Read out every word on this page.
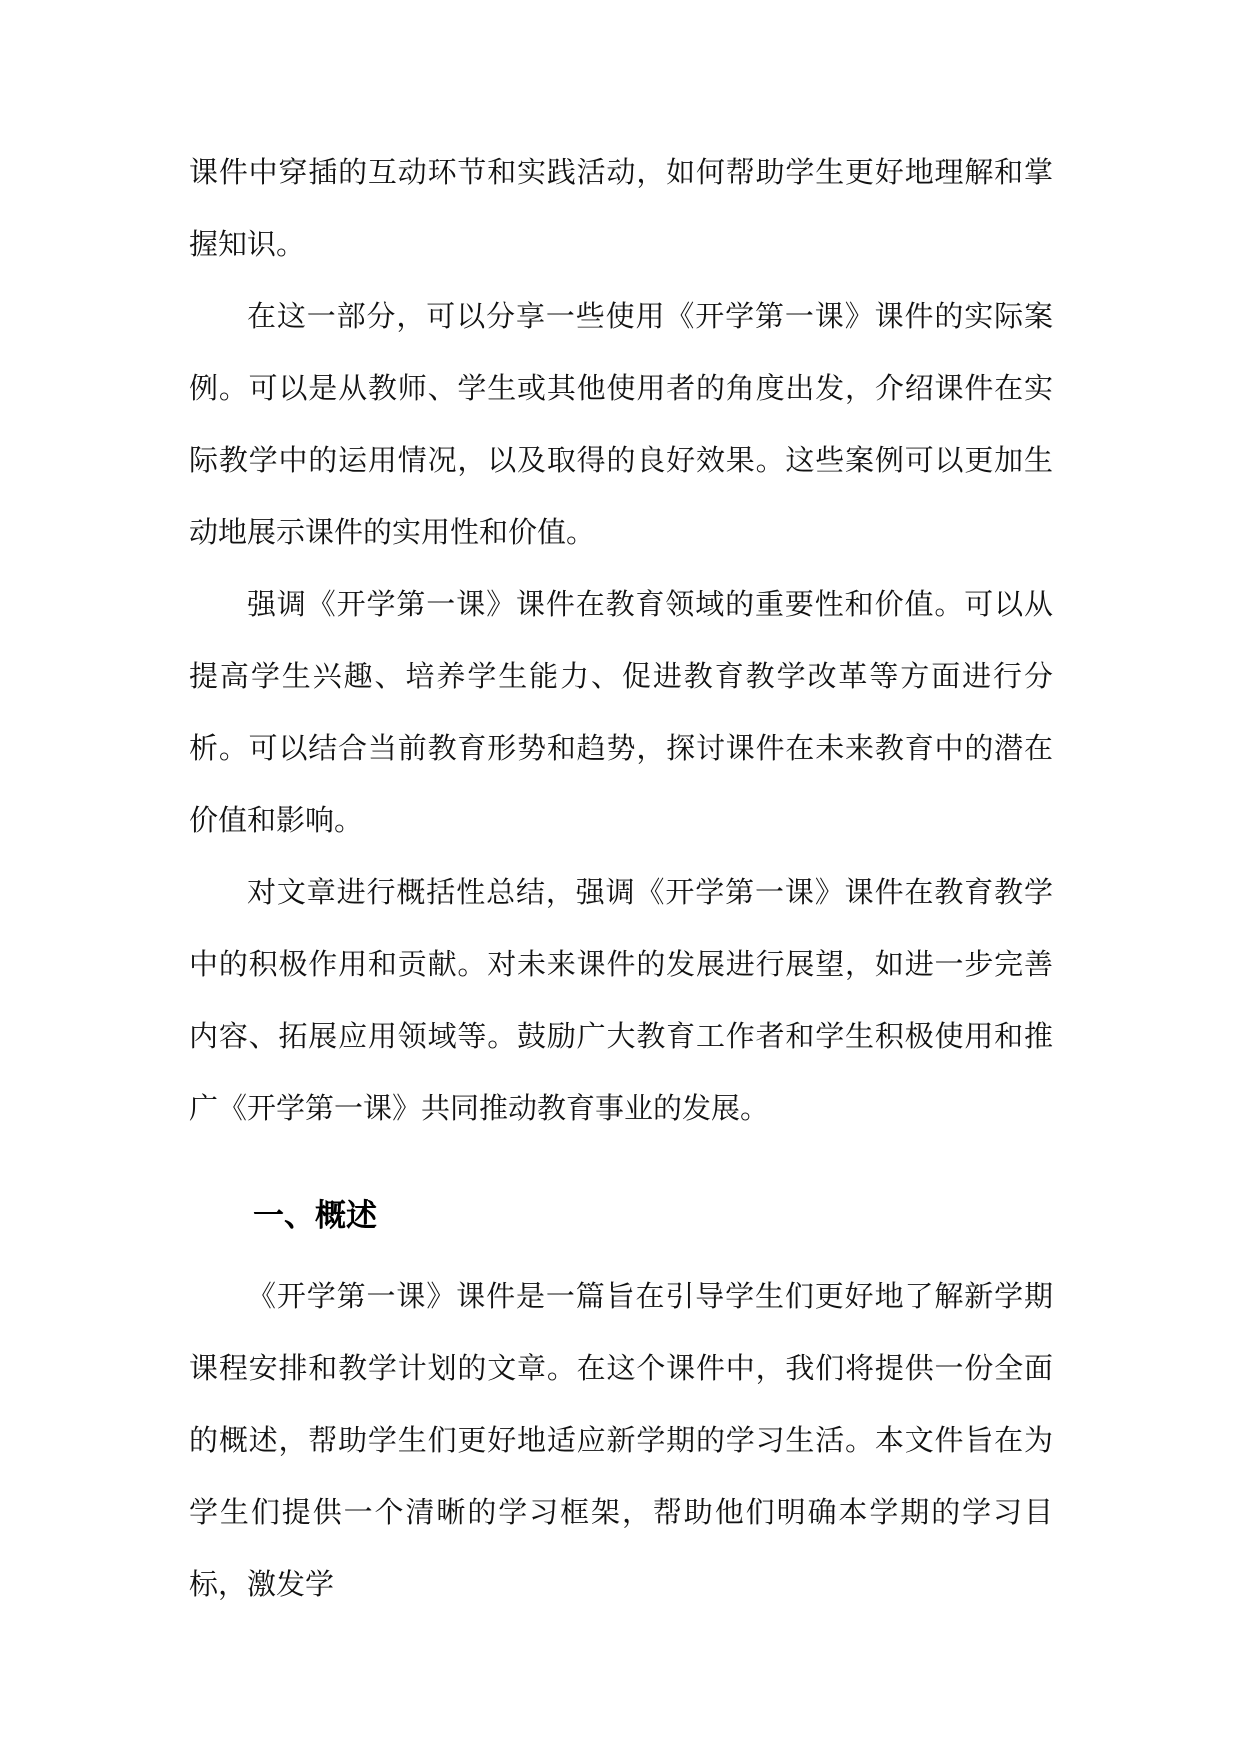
课件中穿插的互动环节和实践活动，如何帮助学生更好地理解和掌握知识。

在这一部分，可以分享一些使用《开学第一课》课件的实际案例。可以是从教师、学生或其他使用者的角度出发，介绍课件在实际教学中的运用情况，以及取得的良好效果。这些案例可以更加生动地展示课件的实用性和价值。

强调《开学第一课》课件在教育领域的重要性和价值。可以从提高学生兴趣、培养学生能力、促进教育教学改革等方面进行分析。可以结合当前教育形势和趋势，探讨课件在未来教育中的潜在价值和影响。

对文章进行概括性总结，强调《开学第一课》课件在教育教学中的积极作用和贡献。对未来课件的发展进行展望，如进一步完善内容、拓展应用领域等。鼓励广大教育工作者和学生积极使用和推广《开学第一课》共同推动教育事业的发展。

一、概述

《开学第一课》课件是一篇旨在引导学生们更好地了解新学期课程安排和教学计划的文章。在这个课件中，我们将提供一份全面的概述，帮助学生们更好地适应新学期的学习生活。本文件旨在为学生们提供一个清晰的学习框架，帮助他们明确本学期的学习目标，激发学
